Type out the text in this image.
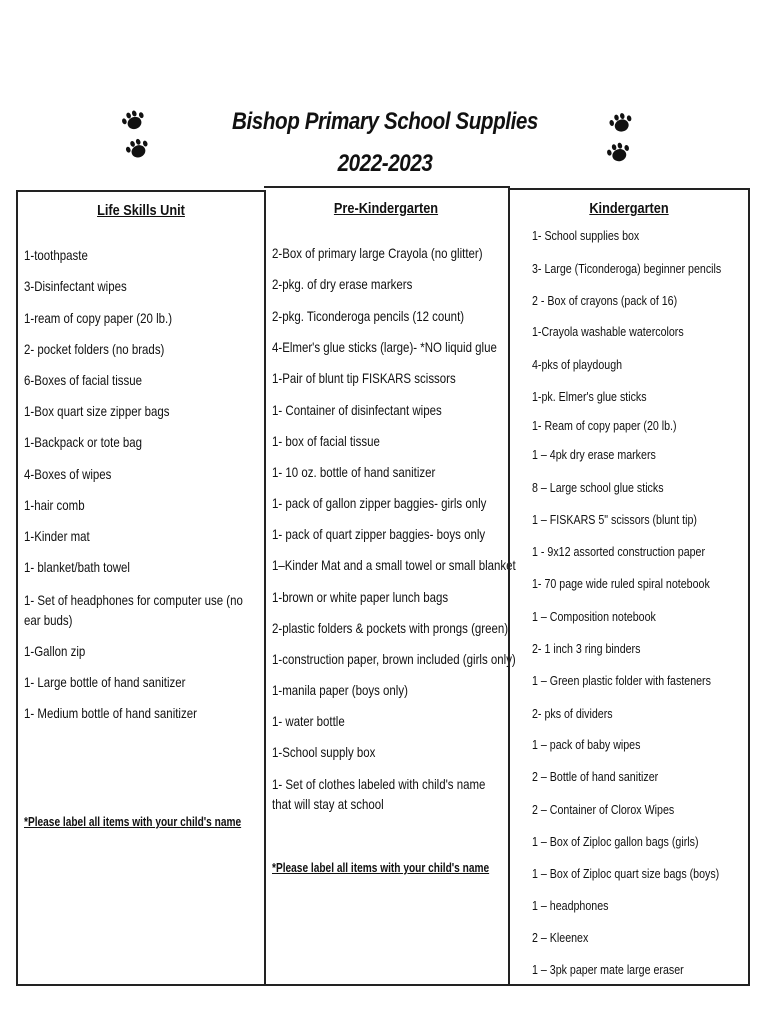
Bishop Primary School Supplies
2022-2023
Life Skills Unit
1-toothpaste
3-Disinfectant wipes
1-ream of copy paper (20 lb.)
2- pocket folders (no brads)
6-Boxes of facial tissue
1-Box quart size zipper bags
1-Backpack or tote bag
4-Boxes of wipes
1-hair comb
1-Kinder mat
1- blanket/bath towel
1- Set of headphones for computer use (no ear buds)
1-Gallon zip
1- Large bottle of hand sanitizer
1- Medium bottle of hand sanitizer
*Please label all items with your child's name
Pre-Kindergarten
2-Box of primary large Crayola (no glitter)
2-pkg. of dry erase markers
2-pkg. Ticonderoga pencils (12 count)
4-Elmer's glue sticks (large)- *NO liquid glue
1-Pair of blunt tip FISKARS scissors
1- Container of disinfectant wipes
1- box of facial tissue
1- 10 oz. bottle of hand sanitizer
1- pack of gallon zipper baggies- girls only
1- pack of quart zipper baggies- boys only
1–Kinder Mat and a small towel or small blanket
1-brown or white paper lunch bags
2-plastic folders & pockets with prongs (green)
1-construction paper, brown included (girls only)
1-manila paper (boys only)
1- water bottle
1-School supply box
1- Set of clothes labeled with child's name that will stay at school
*Please label all items with your child's name
Kindergarten
1- School supplies box
3- Large (Ticonderoga) beginner pencils
2 - Box of crayons (pack of 16)
1-Crayola washable watercolors
4-pks of playdough
1-pk. Elmer's glue sticks
1- Ream of copy paper (20 lb.)
1 – 4pk dry erase markers
8 – Large school glue sticks
1 – FISKARS 5" scissors (blunt tip)
1 - 9x12 assorted construction paper
1- 70 page wide ruled spiral notebook
1 – Composition notebook
2- 1 inch 3 ring binders
1 – Green plastic folder with fasteners
2- pks of dividers
1 – pack of baby wipes
2 – Bottle of hand sanitizer
2 – Container of Clorox Wipes
1 – Box of Ziploc gallon bags (girls)
1 – Box of Ziploc quart size bags (boys)
1 – headphones
2 – Kleenex
1 – 3pk paper mate large eraser
